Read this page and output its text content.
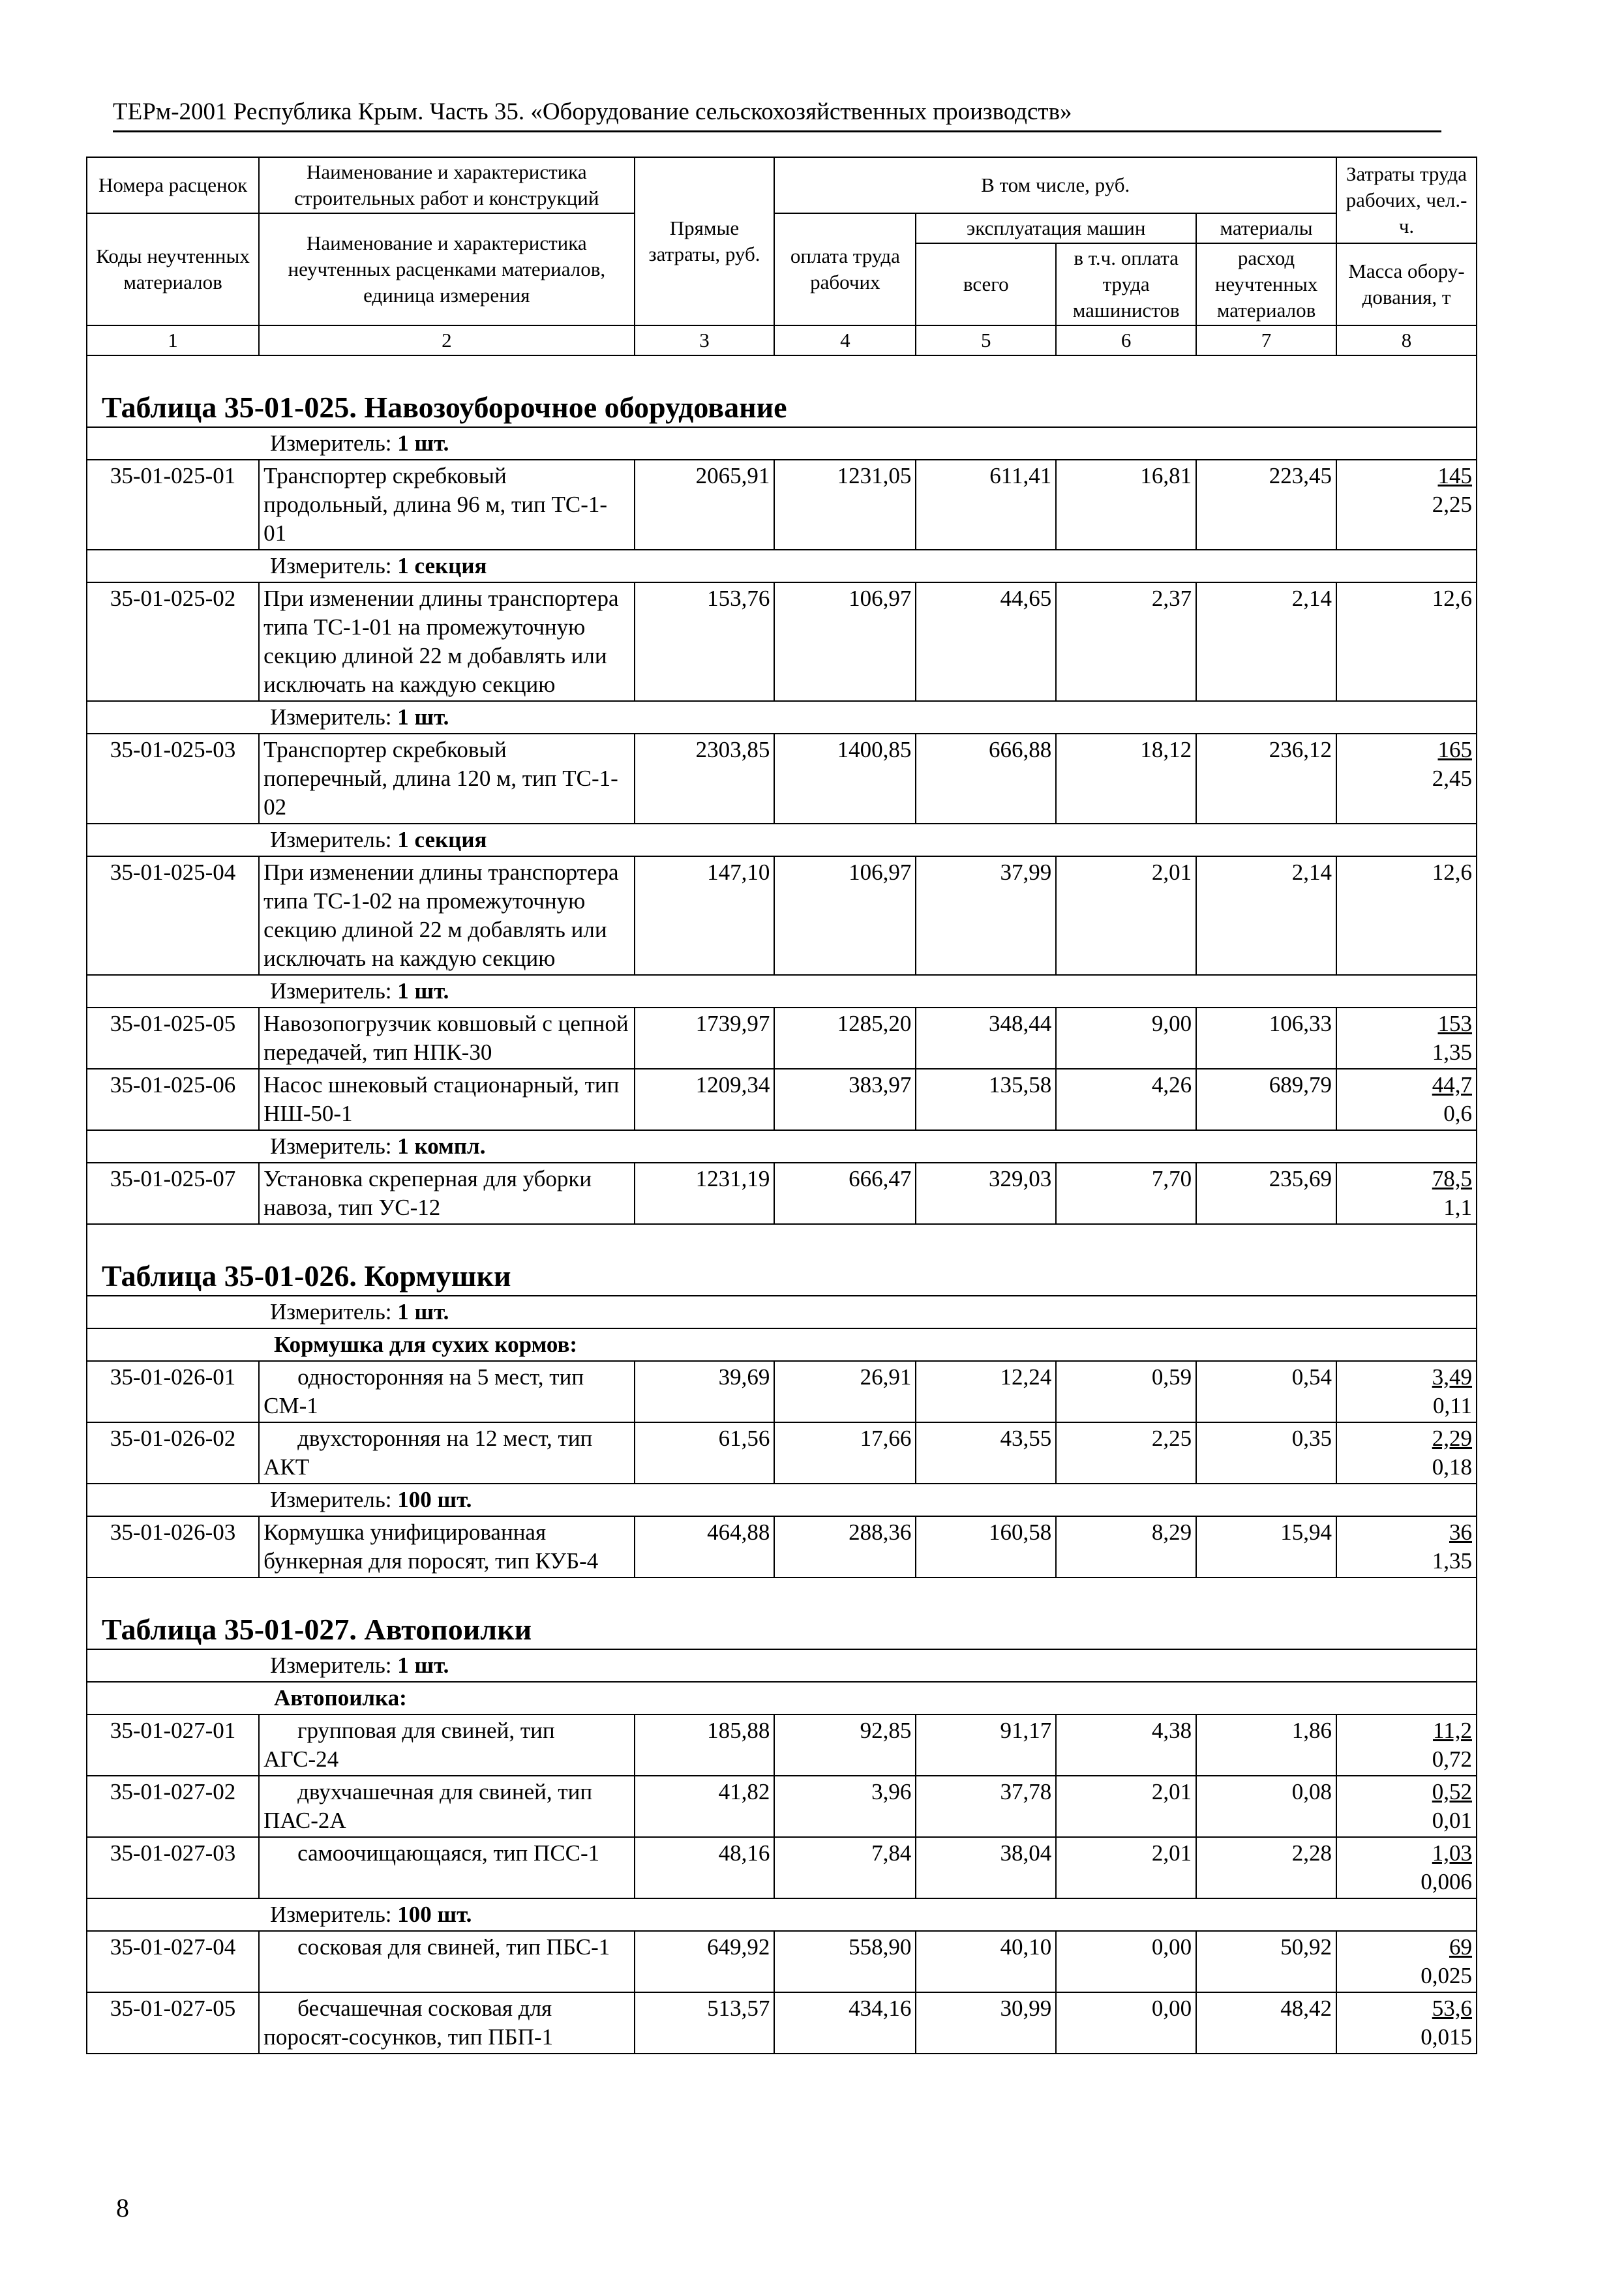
ТЕРм-2001 Республика Крым. Часть 35. «Оборудование сельскохозяйственных производств»
Номера расценок	Наименование и характеристика строительных работ и конструкций	Прямые затраты, руб.	В том числе, руб.				Затраты труда рабочих, чел.-ч.
Коды неучтенных материалов	Наименование и характеристика неучтенных расценками материалов, единица измерения		оплата труда рабочих	эксплуатация машин		материалы	
				всего	в т.ч. оплата труда машинистов	расход неучтенных материалов	
							Масса обору-дования, т
1	2	3	4	5	6	7	8
Таблица 35-01-025. Навозоуборочное оборудование							
Измеритель: 1 шт.							
35-01-025-01	Транспортер скребковый продольный, длина 96 м, тип ТС-1-01	2065,91	1231,05	611,41	16,81	223,45	145
2,25
Измеритель: 1 секция							
35-01-025-02	При изменении длины транспортера типа ТС-1-01 на промежуточную секцию длиной 22 м добавлять или исключать на каждую секцию	153,76	106,97	44,65	2,37	2,14	12,6
Измеритель: 1 шт.							
35-01-025-03	Транспортер скребковый поперечный, длина 120 м, тип ТС-1-02	2303,85	1400,85	666,88	18,12	236,12	165
2,45
Измеритель: 1 секция							
35-01-025-04	При изменении длины транспортера типа ТС-1-02 на промежуточную секцию длиной 22 м добавлять или исключать на каждую секцию	147,10	106,97	37,99	2,01	2,14	12,6
Измеритель: 1 шт.							
35-01-025-05	Навозопогрузчик ковшовый с цепной передачей, тип НПК-30	1739,97	1285,20	348,44	9,00	106,33	153
1,35
35-01-025-06	Насос шнековый стационарный, тип НШ-50-1	1209,34	383,97	135,58	4,26	689,79	44,7
0,6
Измеритель: 1 компл.							
35-01-025-07	Установка скреперная для уборки навоза, тип УС-12	1231,19	666,47	329,03	7,70	235,69	78,5
1,1
Таблица 35-01-026. Кормушки							
Измеритель: 1 шт.							
Кормушка для сухих кормов:							
35-01-026-01	односторонняя на 5 мест, тип СМ-1	39,69	26,91	12,24	0,59	0,54	3,49
0,11
35-01-026-02	двухсторонняя на 12 мест, тип АКТ	61,56	17,66	43,55	2,25	0,35	2,29
0,18
Измеритель: 100 шт.							
35-01-026-03	Кормушка унифицированная бункерная для поросят, тип КУБ-4	464,88	288,36	160,58	8,29	15,94	36
1,35
Таблица 35-01-027. Автопоилки							
Измеритель: 1 шт.							
Автопоилка:							
35-01-027-01	групповая для свиней, тип АГС-24	185,88	92,85	91,17	4,38	1,86	11,2
0,72
35-01-027-02	двухчашечная для свиней, тип ПАС-2А	41,82	3,96	37,78	2,01	0,08	0,52
0,01
35-01-027-03	самоочищающаяся, тип ПСС-1	48,16	7,84	38,04	2,01	2,28	1,03
0,006
Измеритель: 100 шт.							
35-01-027-04	сосковая для свиней, тип ПБС-1	649,92	558,90	40,10	0,00	50,92	69
0,025
35-01-027-05	бесчашечная сосковая для поросят-сосунков, тип ПБП-1	513,57	434,16	30,99	0,00	48,42	53,6
0,015
8
